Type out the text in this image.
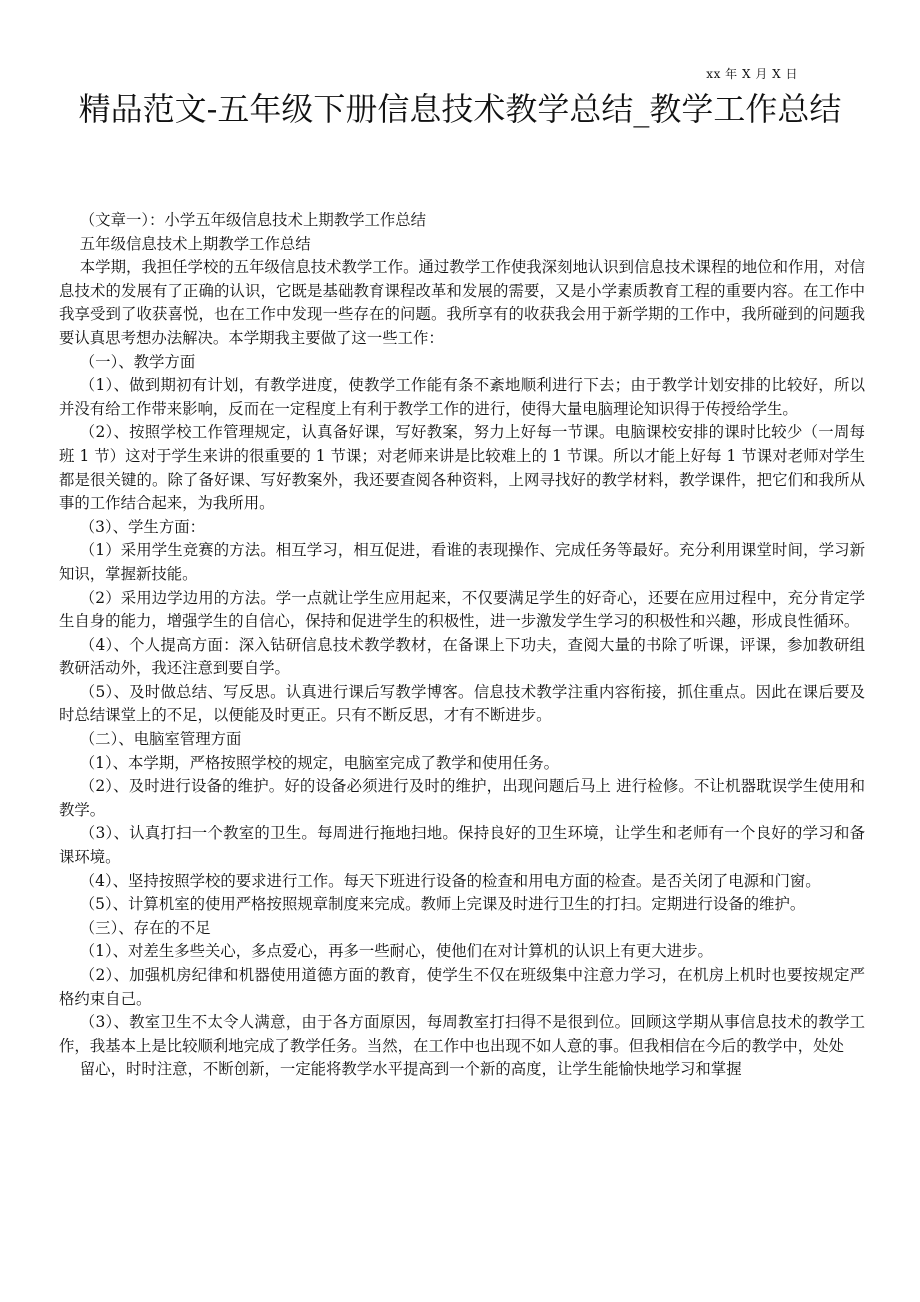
xx 年 X 月 X 日
精品范文-五年级下册信息技术教学总结_教学工作总结

（文章一）：小学五年级信息技术上期教学工作总结

五年级信息技术上期教学工作总结

本学期，我担任学校的五年级信息技术教学工作。通过教学工作使我深刻地认识到信息技术课程的地位和作用，对信息技术的发展有了正确的认识，它既是基础教育课程改革和发展的需要，又是小学素质教育工程的重要内容。在工作中我享受到了收获喜悦，也在工作中发现一些存在的问题。我所享有的收获我会用于新学期的工作中，我所碰到的问题我要认真思考想办法解决。本学期我主要做了这一些工作：

（一）、教学方面

（1）、做到期初有计划，有教学进度，使教学工作能有条不紊地顺利进行下去；由于教学计划安排的比较好，所以并没有给工作带来影响，反而在一定程度上有利于教学工作的进行，使得大量电脑理论知识得于传授给学生。

（2）、按照学校工作管理规定，认真备好课，写好教案，努力上好每一节课。电脑课校安排的课时比较少（一周每班 1 节）这对于学生来讲的很重要的 1 节课；对老师来讲是比较难上的 1 节课。所以才能上好每 1 节课对老师对学生都是很关键的。除了备好课、写好教案外，我还要查阅各种资料，上网寻找好的教学材料，教学课件，把它们和我所从事的工作结合起来，为我所用。

（3）、学生方面：

（1）采用学生竞赛的方法。相互学习，相互促进，看谁的表现操作、完成任务等最好。充分利用课堂时间，学习新知识，掌握新技能。

（2）采用边学边用的方法。学一点就让学生应用起来，不仅要满足学生的好奇心，还要在应用过程中，充分肯定学生自身的能力，增强学生的自信心，保持和促进学生的积极性，进一步激发学生学习的积极性和兴趣，形成良性循环。

（4）、个人提高方面：深入钻研信息技术教学教材，在备课上下功夫，查阅大量的书除了听课，评课，参加教研组教研活动外，我还注意到要自学。

（5）、及时做总结、写反思。认真进行课后写教学博客。信息技术教学注重内容衔接，抓住重点。因此在课后要及时总结课堂上的不足，以便能及时更正。只有不断反思，才有不断进步。

（二）、电脑室管理方面

（1）、本学期，严格按照学校的规定，电脑室完成了教学和使用任务。

（2）、及时进行设备的维护。好的设备必须进行及时的维护，出现问题后马上 进行检修。不让机器耽误学生使用和教学。

（3）、认真打扫一个教室的卫生。每周进行拖地扫地。保持良好的卫生环境，让学生和老师有一个良好的学习和备课环境。

（4）、坚持按照学校的要求进行工作。每天下班进行设备的检查和用电方面的检查。是否关闭了电源和门窗。

（5）、计算机室的使用严格按照规章制度来完成。教师上完课及时进行卫生的打扫。定期进行设备的维护。

（三）、存在的不足

（1）、对差生多些关心，多点爱心，再多一些耐心，使他们在对计算机的认识上有更大进步。

（2）、加强机房纪律和机器使用道德方面的教育，使学生不仅在班级集中注意力学习，在机房上机时也要按规定严格约束自己。

（3）、教室卫生不太令人满意，由于各方面原因，每周教室打扫得不是很到位。回顾这学期从事信息技术的教学工作，我基本上是比较顺利地完成了教学任务。当然，在工作中也出现不如人意的事。但我相信在今后的教学中，处处

留心，时时注意，不断创新，一定能将教学水平提高到一个新的高度，让学生能愉快地学习和掌握
